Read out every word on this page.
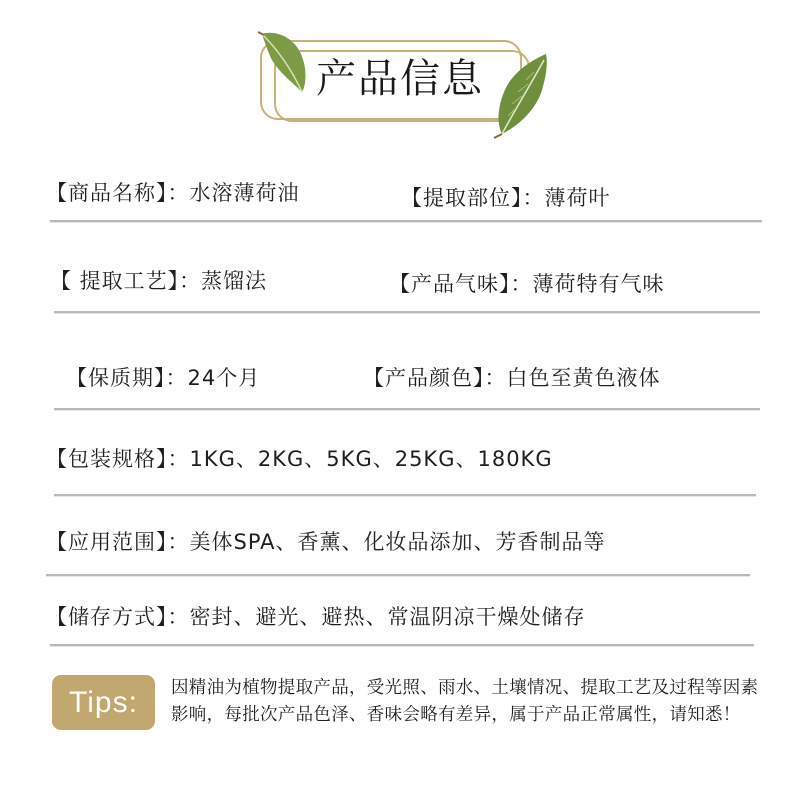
产品信息
【商品名称】：水溶薄荷油	【提取部位】：薄荷叶
【 提取工艺】：蒸馏法	【产品气味】：薄荷特有气味
【保质期】：24个月	【产品颜色】：白色至黄色液体
【包装规格】：1KG、2KG、5KG、25KG、180KG
【应用范围】：美体SPA、香薰、化妆品添加、芳香制品等
【储存方式】：密封、避光、避热、常温阴凉干燥处储存
Tips:	因精油为植物提取产品，受光照、雨水、土壤情况、提取工艺及过程等因素影响，每批次产品色泽、香味会略有差异，属于产品正常属性，请知悉！
